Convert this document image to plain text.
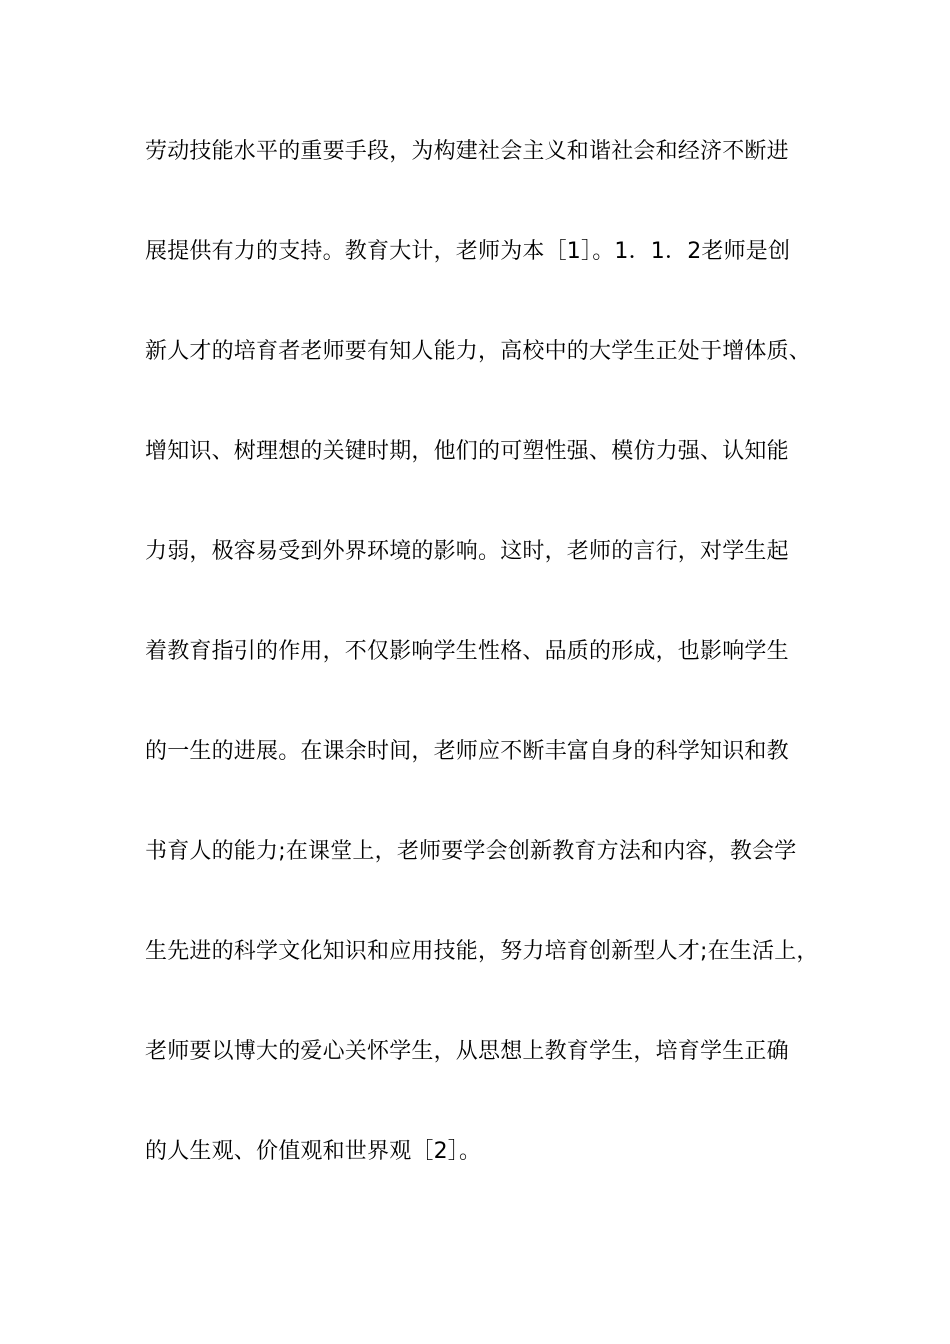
劳动技能水平的重要手段，为构建社会主义和谐社会和经济不断进
展提供有力的支持。教育大计，老师为本［1］。1．1．2老师是创
新人才的培育者老师要有知人能力，高校中的大学生正处于增体质、
增知识、树理想的关键时期，他们的可塑性强、模仿力强、认知能
力弱，极容易受到外界环境的影响。这时，老师的言行，对学生起
着教育指引的作用，不仅影响学生性格、品质的形成，也影响学生
的一生的进展。在课余时间，老师应不断丰富自身的科学知识和教
书育人的能力;在课堂上，老师要学会创新教育方法和内容，教会学
生先进的科学文化知识和应用技能，努力培育创新型人才;在生活上，
老师要以博大的爱心关怀学生，从思想上教育学生，培育学生正确
的人生观、价值观和世界观［2］。
